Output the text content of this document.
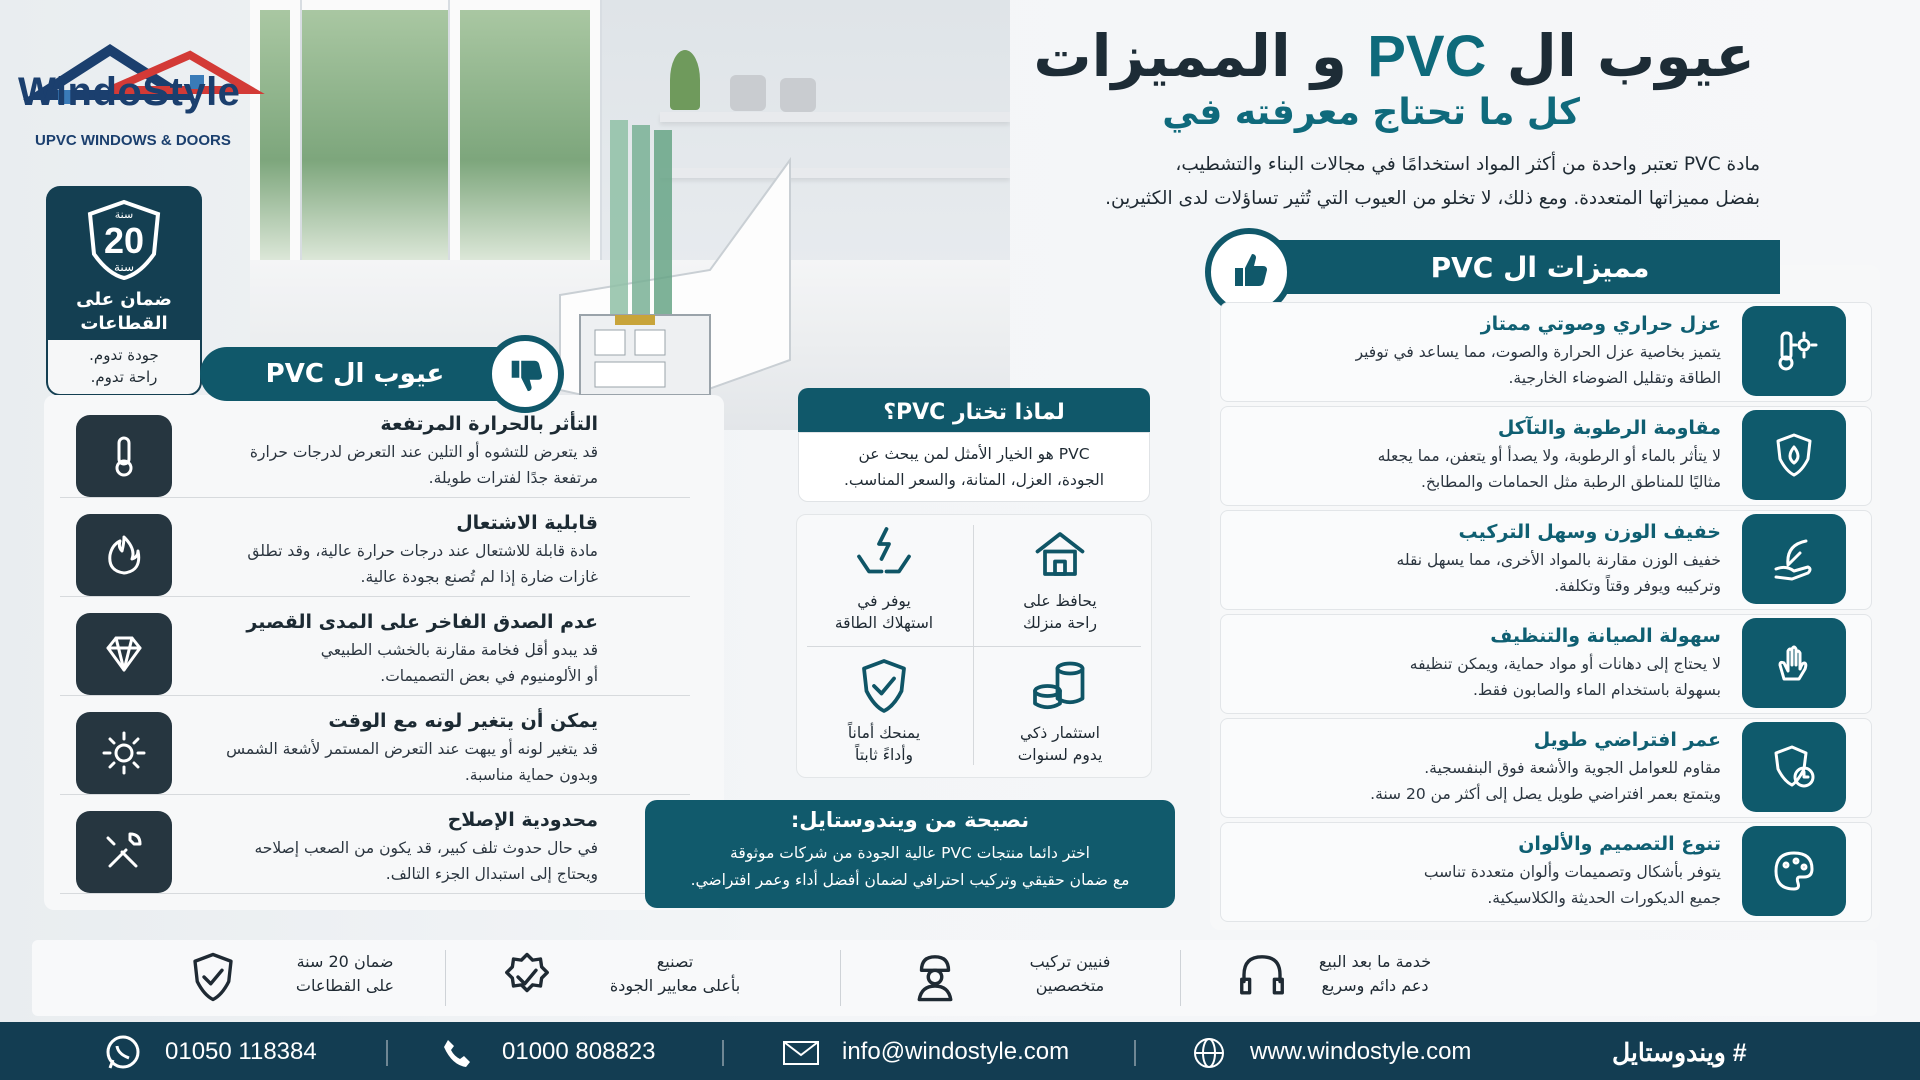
WindoStyle
UPVC WINDOWS & DOORS
عيوب ال PVC و المميزات
كل ما تحتاج معرفته في
مادة PVC تعتبر واحدة من أكثر المواد استخدامًا في مجالات البناء والتشطيب،
بفضل مميزاتها المتعددة. ومع ذلك، لا تخلو من العيوب التي تُثير تساؤلات لدى الكثيرين.
سنة
20
سنة
ضمان على
القطاعات
جودة تدوم.
راحة تدوم.	عيوب ال PVC
التأثر بالحرارة المرتفعة
قد يتعرض للتشوه أو التلين عند التعرض لدرجات حرارة
مرتفعة جدًا لفترات طويلة.
قابلية الاشتعال
مادة قابلة للاشتعال عند درجات حرارة عالية، وقد تطلق
غازات ضارة إذا لم تُصنع بجودة عالية.
عدم الصدق الفاخر على المدى القصير
قد يبدو أقل فخامة مقارنة بالخشب الطبيعي
أو الألومنيوم في بعض التصميمات.
يمكن أن يتغير لونه مع الوقت
قد يتغير لونه أو يبهت عند التعرض المستمر لأشعة الشمس
وبدون حماية مناسبة.
محدودية الإصلاح
في حال حدوث تلف كبير، قد يكون من الصعب إصلاحه
ويحتاج إلى استبدال الجزء التالف.
مميزات ال PVC
عزل حراري وصوتي ممتاز
يتميز بخاصية عزل الحرارة والصوت، مما يساعد في توفير
الطاقة وتقليل الضوضاء الخارجية.
مقاومة الرطوبة والتآكل
لا يتأثر بالماء أو الرطوبة، ولا يصدأ أو يتعفن، مما يجعله
مثاليًا للمناطق الرطبة مثل الحمامات والمطابخ.
خفيف الوزن وسهل التركيب
خفيف الوزن مقارنة بالمواد الأخرى، مما يسهل نقله
وتركيبه ويوفر وقتاً وتكلفة.
سهولة الصيانة والتنظيف
لا يحتاج إلى دهانات أو مواد حماية، ويمكن تنظيفه
بسهولة باستخدام الماء والصابون فقط.
عمر افتراضي طويل
مقاوم للعوامل الجوية والأشعة فوق البنفسجية.
ويتمتع بعمر افتراضي طويل يصل إلى أكثر من 20 سنة.
تنوع التصميم والألوان
يتوفر بأشكال وتصميمات وألوان متعددة تناسب
جميع الديكورات الحديثة والكلاسيكية.
لماذا تختار PVC؟
PVC هو الخيار الأمثل لمن يبحث عن
الجودة، العزل، المتانة، والسعر المناسب.
يحافظ على
راحة منزلك
يوفر في
استهلاك الطاقة
استثمار ذكي
يدوم لسنوات
يمنحك أماناً
وأداءً ثابتاً
نصيحة من ويندوستايل:
اختر دائما منتجات PVC عالية الجودة من شركات موثوقة
مع ضمان حقيقي وتركيب احترافي لضمان أفضل أداء وعمر افتراضي.
خدمة ما بعد البيع
دعم دائم وسريع
فنيين تركيب
متخصصين
تصنيع
بأعلى معايير الجودة
ضمان 20 سنة
على القطاعات
# ويندوستايل
www.windostyle.com
info@windostyle.com
01000 808823
01050 118384
